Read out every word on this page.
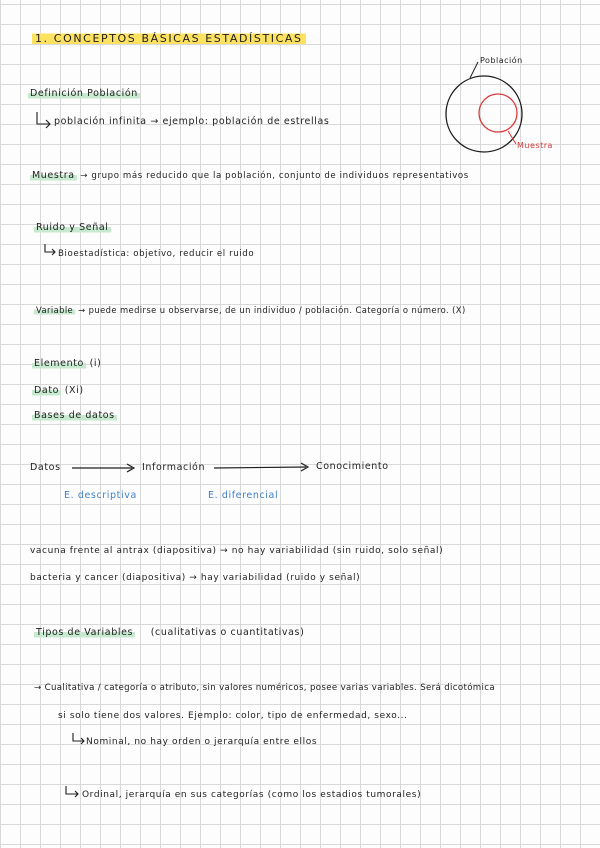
1. CONCEPTOS BÁSICAS ESTADÍSTICAS
Población
Muestra
Definición Población
población infinita → ejemplo: población de estrellas
Muestra → grupo más reducido que la población, conjunto de individuos representativos
Ruido y Señal
Bioestadística: objetivo, reducir el ruido
Variable → puede medirse u observarse, de un individuo / población. Categoría o número. (X)
Elemento (i)
Dato (Xi)
Bases de datos
Datos	Información	Conocimiento
E. descriptiva	E. diferencial
vacuna frente al antrax (diapositiva) → no hay variabilidad (sin ruido, solo señal)
bacteria y cancer (diapositiva) → hay variabilidad (ruido y señal)
Tipos de Variables (cualitativas o cuantitativas)
→ Cualitativa / categoría o atributo, sin valores numéricos, posee varias variables. Será dicotómica
si solo tiene dos valores. Ejemplo: color, tipo de enfermedad, sexo...
Nominal, no hay orden o jerarquía entre ellos
Ordinal, jerarquía en sus categorías (como los estadios tumorales)
